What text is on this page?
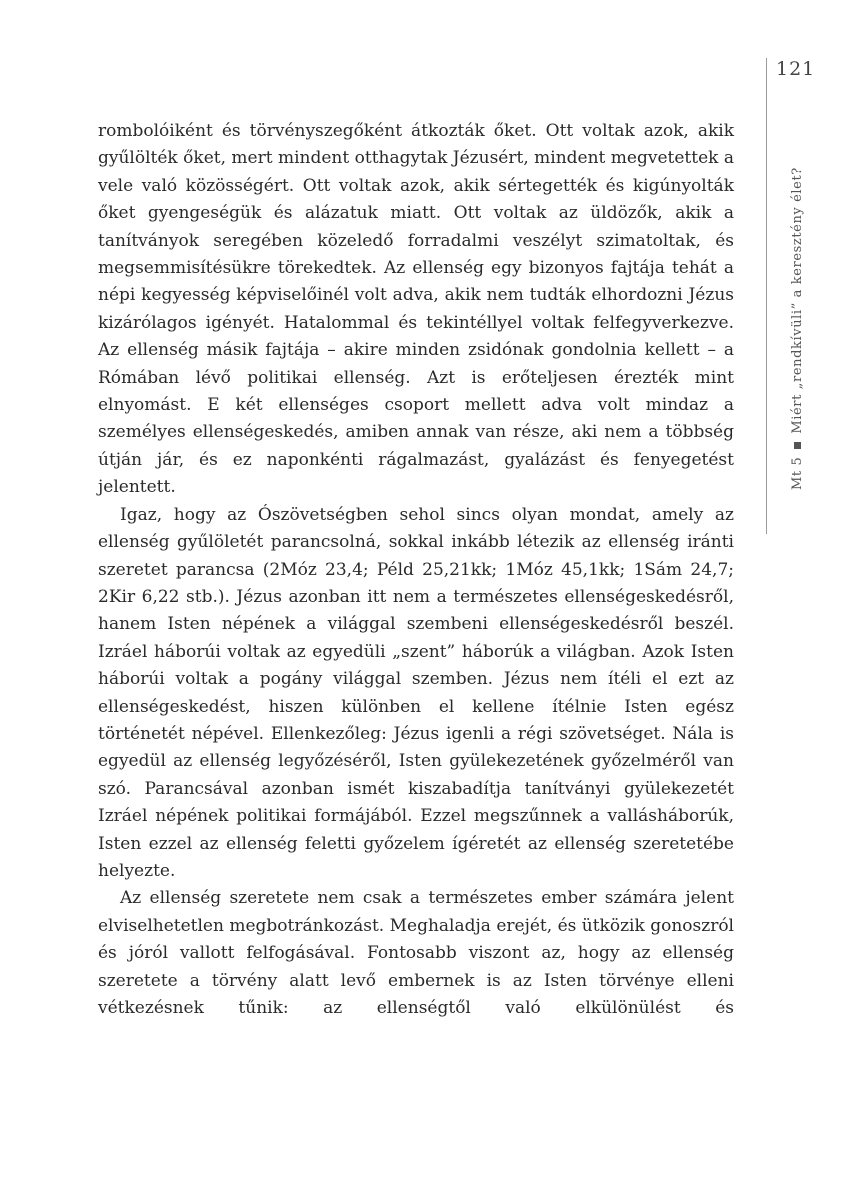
121
Mt 5Miért „rendkívüli” a keresztény élet?

rombolóiként és törvényszegőként átkozták őket. Ott voltak azok, akik gyűlölték őket, mert mindent otthagytak Jézusért, mindent megvetettek a vele való közösségért. Ott voltak azok, akik sértegették és kigúnyolták őket gyengeségük és alázatuk miatt. Ott voltak az üldözők, akik a tanítványok seregében közeledő forradalmi veszélyt szimatoltak, és megsemmisítésükre törekedtek. Az ellenség egy bizonyos fajtája tehát a népi kegyesség képviselőinél volt adva, akik nem tudták elhordozni Jézus kizárólagos igényét. Hatalommal és tekintéllyel voltak felfegyverkezve. Az ellenség másik fajtája – akire minden zsidónak gondolnia kellett – a Rómában lévő politikai ellenség. Azt is erőteljesen érezték mint elnyomást. E két ellenséges csoport mellett adva volt mindaz a személyes ellenségeskedés, amiben annak van része, aki nem a többség útján jár, és ez naponkénti rágalmazást, gyalázást és fenyegetést jelentett.

Igaz, hogy az Ószövetségben sehol sincs olyan mondat, amely az ellenség gyűlöletét parancsolná, sokkal inkább létezik az ellenség iránti szeretet parancsa (2Móz 23,4; Péld 25,21kk; 1Móz 45,1kk; 1Sám 24,7; 2Kir 6,22 stb.). Jézus azonban itt nem a természetes ellenségeskedésről, hanem Isten népének a világgal szembeni ellenségeskedésről beszél. Izráel háborúi voltak az egyedüli „szent” háborúk a világban. Azok Isten háborúi voltak a pogány világgal szemben. Jézus nem ítéli el ezt az ellenségeskedést, hiszen különben el kellene ítélnie Isten egész történetét népével. Ellenkezőleg: Jézus igenli a régi szövetséget. Nála is egyedül az ellenség legyőzéséről, Isten gyülekezetének győzelméről van szó. Parancsával azonban ismét kiszabadítja tanítványi gyülekezetét Izráel népének politikai formájából. Ezzel megszűnnek a vallásháborúk, Isten ezzel az ellenség feletti győzelem ígéretét az ellenség szeretetébe helyezte.

Az ellenség szeretete nem csak a természetes ember számára jelent elviselhetetlen megbotránkozást. Meghaladja erejét, és ütközik gonoszról és jóról vallott felfogásával. Fontosabb viszont az, hogy az ellenség szeretete a törvény alatt levő embernek is az Isten törvénye elleni vétkezésnek tűnik: az ellenségtől való elkülönülést és
